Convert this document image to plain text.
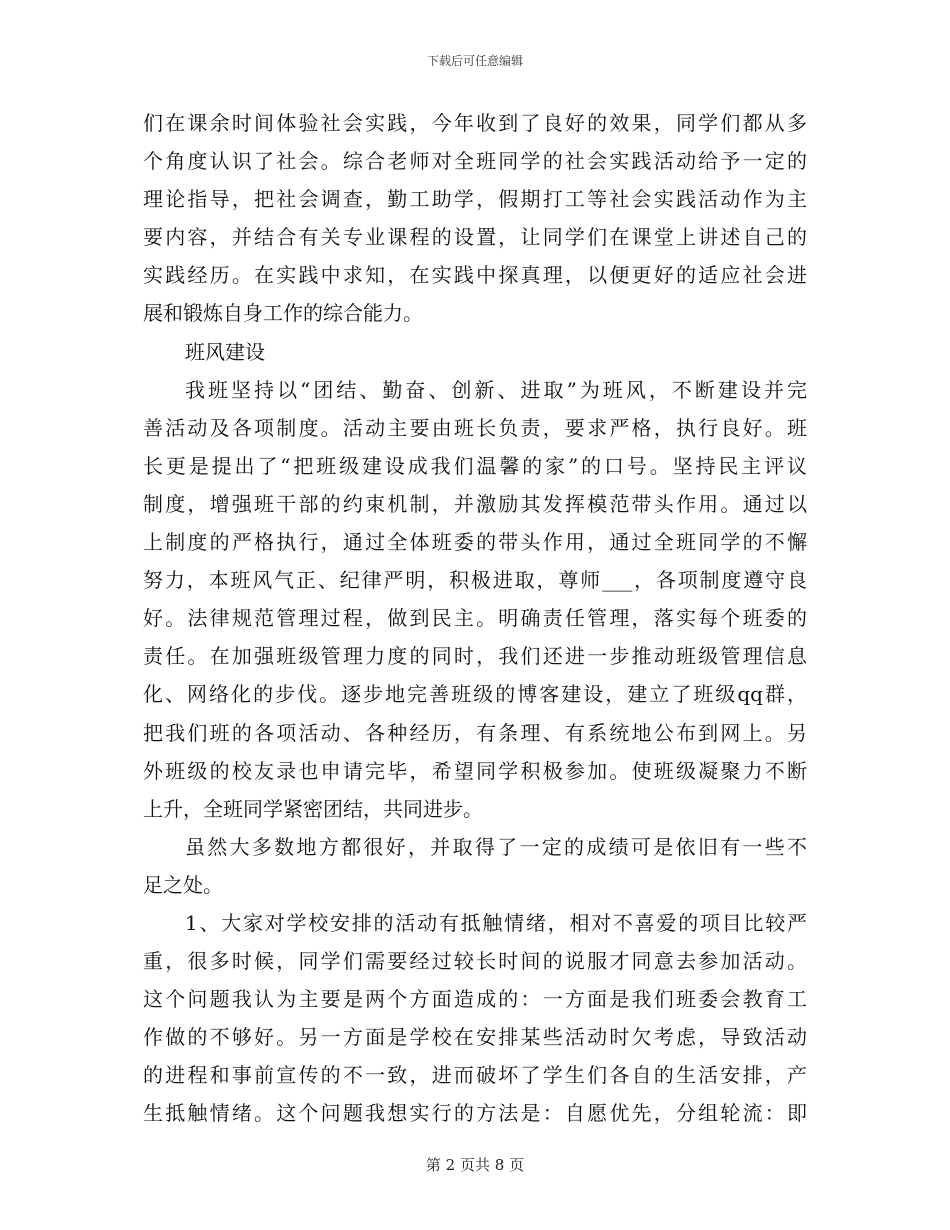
下载后可任意编辑
们在课余时间体验社会实践，今年收到了良好的效果，同学们都从多
个角度认识了社会。综合老师对全班同学的社会实践活动给予一定的
理论指导，把社会调查，勤工助学，假期打工等社会实践活动作为主
要内容，并结合有关专业课程的设置，让同学们在课堂上讲述自己的
实践经历。在实践中求知，在实践中探真理，以便更好的适应社会进
展和锻炼自身工作的综合能力。
班风建设
我班坚持以“团结、勤奋、创新、进取”为班风，不断建设并完
善活动及各项制度。活动主要由班长负责，要求严格，执行良好。班
长更是提出了“把班级建设成我们温馨的家”的口号。坚持民主评议
制度，增强班干部的约束机制，并激励其发挥模范带头作用。通过以
上制度的严格执行，通过全体班委的带头作用，通过全班同学的不懈
努力，本班风气正、纪律严明，积极进取，尊师___，各项制度遵守良
好。法律规范管理过程，做到民主。明确责任管理，落实每个班委的
责任。在加强班级管理力度的同时，我们还进一步推动班级管理信息
化、网络化的步伐。逐步地完善班级的博客建设，建立了班级qq群，
把我们班的各项活动、各种经历，有条理、有系统地公布到网上。另
外班级的校友录也申请完毕，希望同学积极参加。使班级凝聚力不断
上升，全班同学紧密团结，共同进步。
虽然大多数地方都很好，并取得了一定的成绩可是依旧有一些不
足之处。
1、大家对学校安排的活动有抵触情绪，相对不喜爱的项目比较严
重，很多时候，同学们需要经过较长时间的说服才同意去参加活动。
这个问题我认为主要是两个方面造成的：一方面是我们班委会教育工
作做的不够好。另一方面是学校在安排某些活动时欠考虑，导致活动
的进程和事前宣传的不一致，进而破坏了学生们各自的生活安排，产
生抵触情绪。这个问题我想实行的方法是：自愿优先，分组轮流：即
第 2 页共 8 页
